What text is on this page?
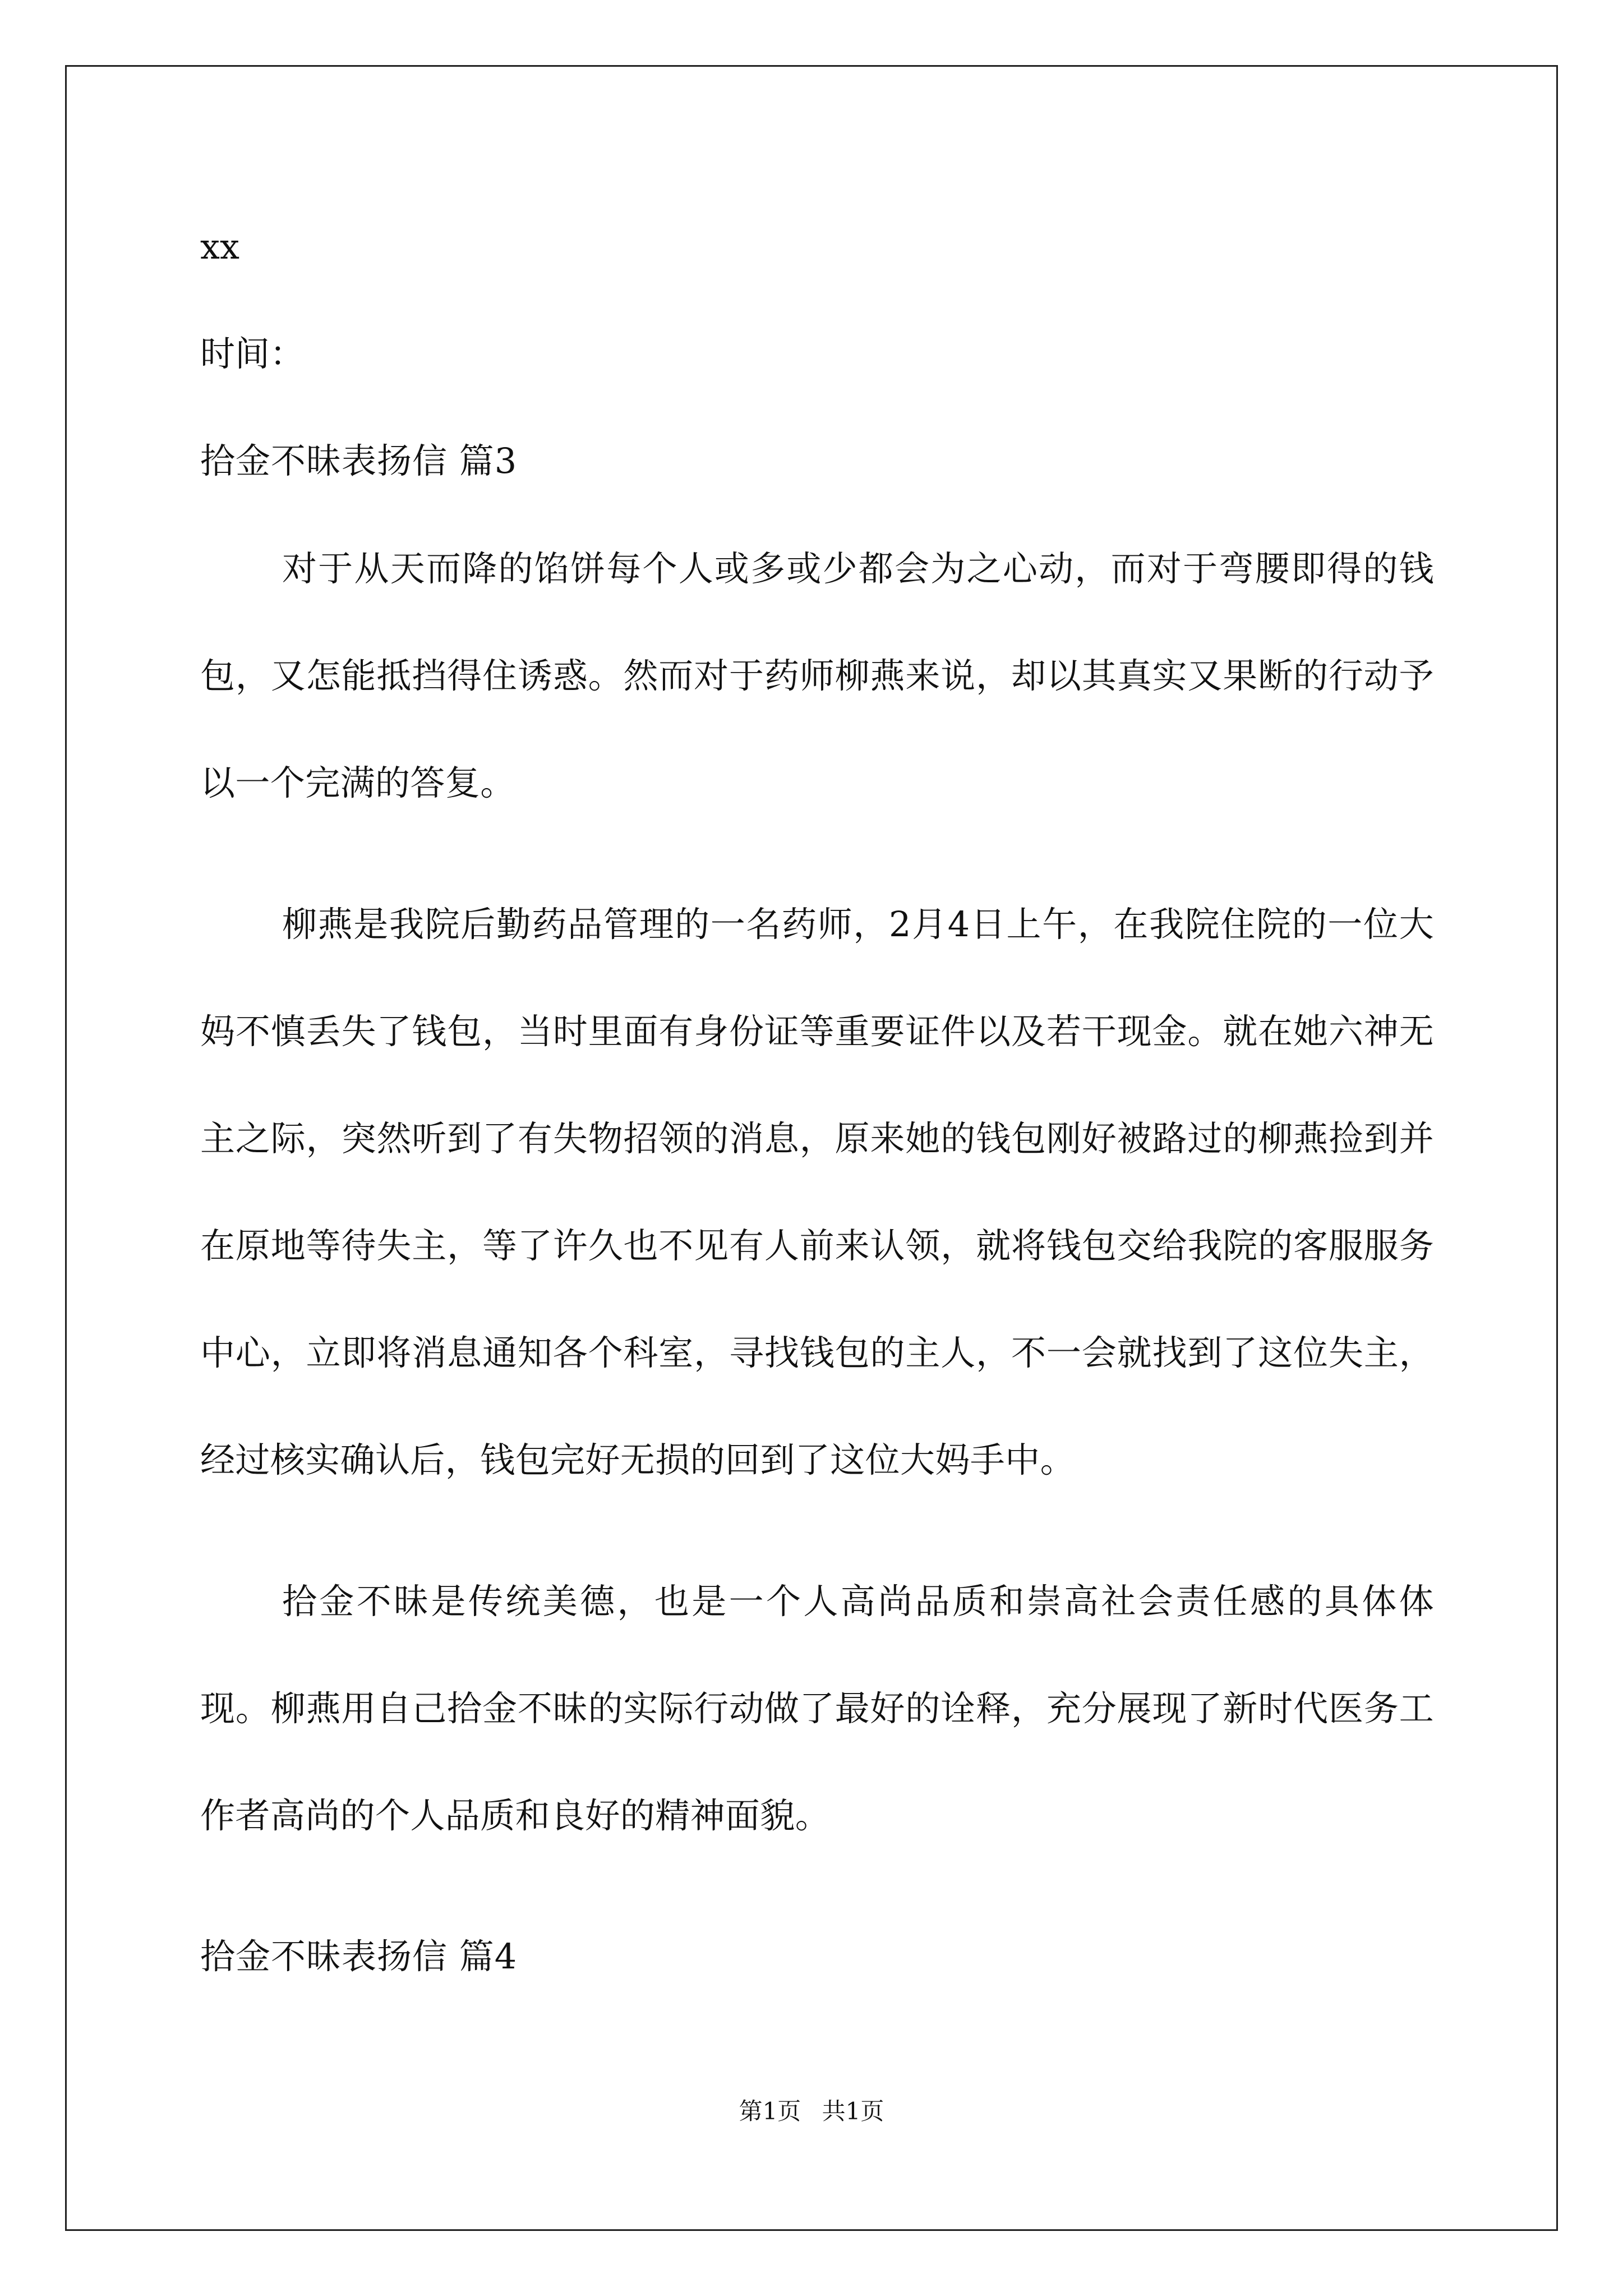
xx
时间：
拾金不昧表扬信 篇3

对于从天而降的馅饼每个人或多或少都会为之心动，而对于弯腰即得的钱包，又怎能抵挡得住诱惑。然而对于药师柳燕来说，却以其真实又果断的行动予以一个完满的答复。

柳燕是我院后勤药品管理的一名药师，2月4日上午，在我院住院的一位大妈不慎丢失了钱包，当时里面有身份证等重要证件以及若干现金。就在她六神无主之际，突然听到了有失物招领的消息，原来她的钱包刚好被路过的柳燕捡到并在原地等待失主，等了许久也不见有人前来认领，就将钱包交给我院的客服服务中心，立即将消息通知各个科室，寻找钱包的主人，不一会就找到了这位失主，经过核实确认后，钱包完好无损的回到了这位大妈手中。

拾金不昧是传统美德，也是一个人高尚品质和崇高社会责任感的具体体现。柳燕用自己拾金不昧的实际行动做了最好的诠释，充分展现了新时代医务工作者高尚的个人品质和良好的精神面貌。

拾金不昧表扬信 篇4
第1页 共1页
